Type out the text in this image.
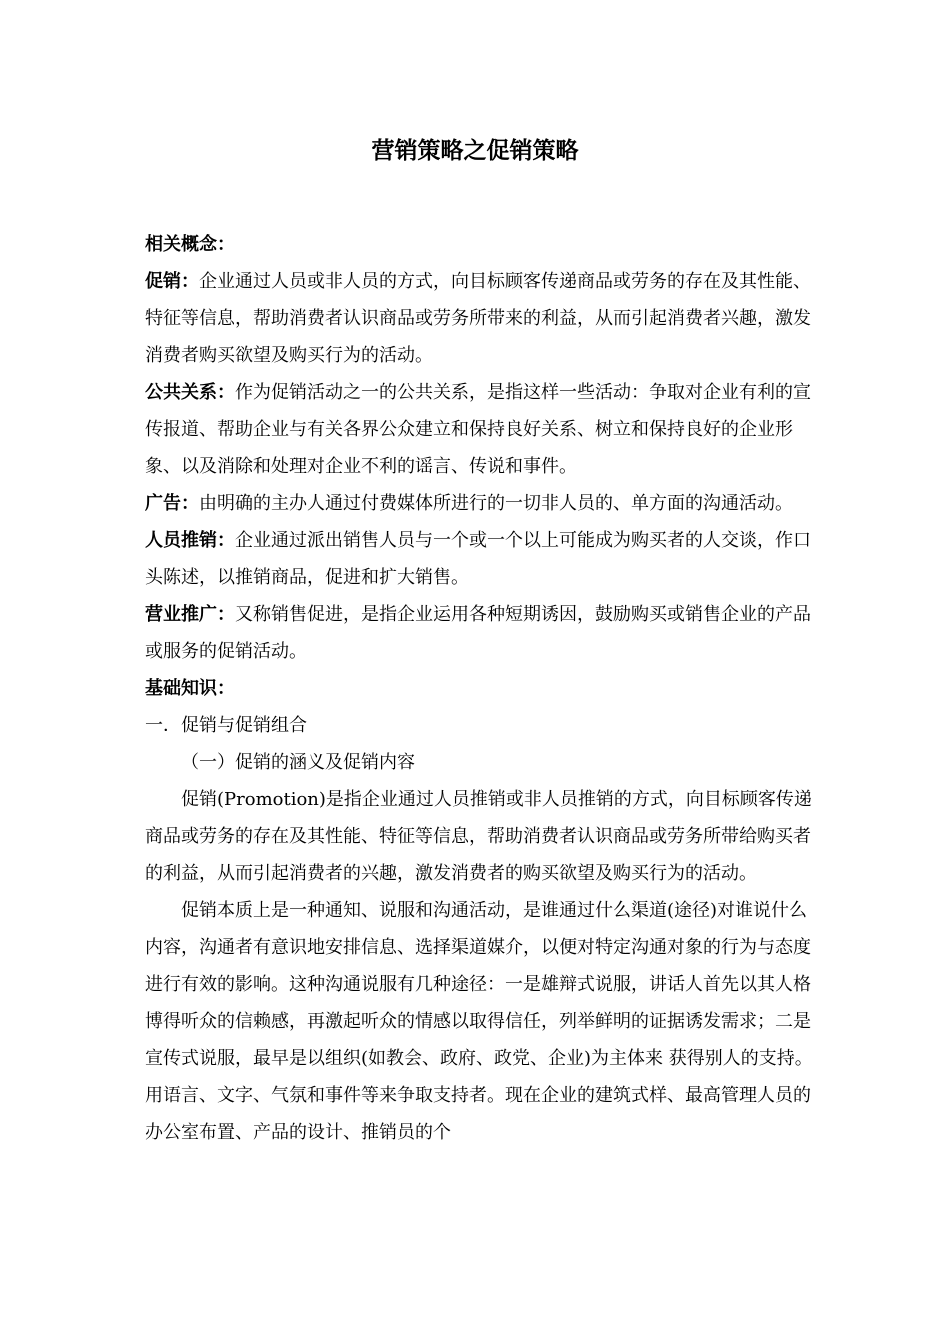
营销策略之促销策略

相关概念：

促销：企业通过人员或非人员的方式，向目标顾客传递商品或劳务的存在及其性能、特征等信息，帮助消费者认识商品或劳务所带来的利益，从而引起消费者兴趣，激发消费者购买欲望及购买行为的活动。

公共关系：作为促销活动之一的公共关系，是指这样一些活动：争取对企业有利的宣传报道、帮助企业与有关各界公众建立和保持良好关系、树立和保持良好的企业形象、以及消除和处理对企业不利的谣言、传说和事件。

广告：由明确的主办人通过付费媒体所进行的一切非人员的、单方面的沟通活动。

人员推销：企业通过派出销售人员与一个或一个以上可能成为购买者的人交谈，作口头陈述，以推销商品，促进和扩大销售。

营业推广：又称销售促进，是指企业运用各种短期诱因，鼓励购买或销售企业的产品或服务的促销活动。

基础知识：

一．促销与促销组合

（一）促销的涵义及促销内容

促销(Promotion)是指企业通过人员推销或非人员推销的方式，向目标顾客传递商品或劳务的存在及其性能、特征等信息，帮助消费者认识商品或劳务所带给购买者的利益，从而引起消费者的兴趣，激发消费者的购买欲望及购买行为的活动。

促销本质上是一种通知、说服和沟通活动，是谁通过什么渠道(途径)对谁说什么内容，沟通者有意识地安排信息、选择渠道媒介，以便对特定沟通对象的行为与态度进行有效的影响。这种沟通说服有几种途径：一是雄辩式说服，讲话人首先以其人格博得听众的信赖感，再激起听众的情感以取得信任，列举鲜明的证据诱发需求；二是宣传式说服，最早是以组织(如教会、政府、政党、企业)为主体来 获得别人的支持。用语言、文字、气氛和事件等来争取支持者。现在企业的建筑式样、最高管理人员的办公室布置、产品的设计、推销员的个
